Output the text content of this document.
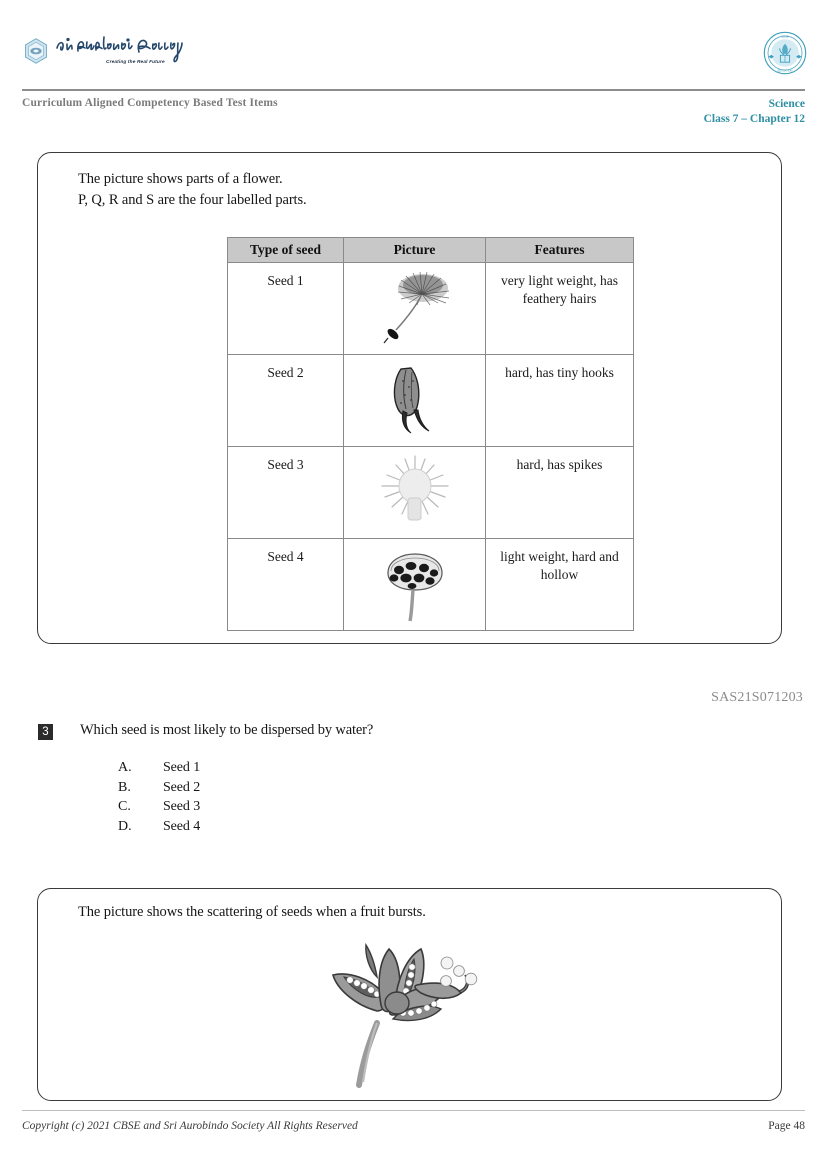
Creating the Real Future
CBSE
EDUCATION
Curriculum Aligned Competency Based Test Items	Science
Class 7 – Chapter 12
The picture shows parts of a flower.
P, Q, R and S are the four labelled parts.
Type of seed	Picture	Features
Seed 1		very light weight, has feathery hairs
Seed 2		hard, has tiny hooks
Seed 3		hard, has spikes
Seed 4		light weight, hard and hollow
SAS21S071203
3 Which seed is most likely to be dispersed by water?
A.	Seed 1
B.	Seed 2
C.	Seed 3
D.	Seed 4
The picture shows the scattering of seeds when a fruit bursts.
Copyright (c) 2021 CBSE and Sri Aurobindo Society All Rights Reserved	Page 48
